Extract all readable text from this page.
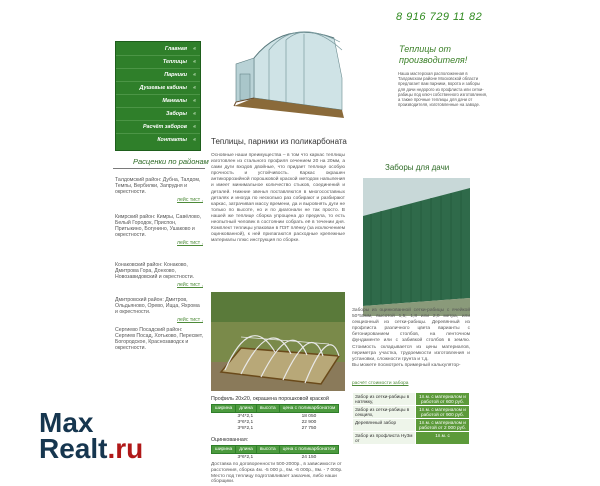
8 916 729 11 82
Теплицы от производителя!
Наша мастерская расположенная в Талдомском районе Московской области предлагает вам парники, ворота и заборы для дачи недорого из профлистa или сетки-рабицы под ключ собственного изготовления, а также прочные теплицы для дачи от производителя, изготовленные на заводе.
Главная «
Теплицы «
Парники «
Душевые кабины «
Мангалы «
Заборы «
Расчёт заборов «
Контакты «
Расценки по районам
Талдомский район: Дубна, Талдом, Темпы, Вербилки, Запрудня и окрестности.
лейс тист ,
Кимрский район: Кимры, Савёлово, Белый Городок, Приспон, Притыкино, Богунино, Ушаково и окрестности.
лейс тист ,
Конаковский район: Конаково, Дмитрова Гора, Донхово, Новозавидовский и окрестности.
лейс тист ,
Дмитровский район: Дмитров, Ольдьяново, Орево, Ицца, Яхрома и окрестности.
лейс тист ,
Сергиево Посадский район: Сергиев Посад, Хотьково, Пересвет, Богородское, Краснозаводск и окрестности.
Теплицы, парники из поликарбоната
Основные наши преимущества – в том что каркас теплицы изготовлен из стального профиля сечением 20 на 20мм, а сами дуги входов двойные, что придает теплице особую прочность и устойчивость. Каркас окрашен антикоррозийной порошковой краской методом напыления и имеет минимальное количество стыков, соединений и деталей. Нижние звенья поставляются в многосоставных деталях и иногда по несколько раз собирают и разбирают каркас, затрачивая массу времени, да и выровнять дуги не только по высоте, но и по диагонали не так просто. В нашей же теплице сборка упрощена до предела, то есть неопытный человек в состоянии собрать её в течении дня. Комплект теплицы упакован в ПЭТ плёнку (за исключением оцинкованной), к ней прилагаются расходные крепежные материалы плюс инструкция по сборке.
Профиль 20х20, окрашена порошковой краской
ширина	длина	высота	цена с поликарбонатом
3*4*2,1			18 050
3*6*2,1			22 900
3*8*2,1			27 750
Оцинкованная:
ширина	длина	высота	цена с поликарбонатом
3*6*2,1			24 150
Доставка по договоренности 500-2000р., в зависимости от расстояния, сборка 4м. -5 000 р., 6м. -6 000р., 8м. - 7 000р. Место под теплицу подготавливает заказчик, либо наши сборщики.
Заборы для дачи
Заборы из оцинкованной сетки-рабицы с ячейкой 50*50мм, высотой 1,5; 1,8 или 2,0 метра, или секционный из сетки-рабицы. Деревянный из профлиста различного цвета варианты с бетонированием столбов, на ленточном фундаменте или с забивкой столбов в землю. Стоимость складывается из цены материалов, периметра участка, трудоемкости изготовления и установки, сложности грунта и т.д.
Вы можете посмотреть примерный калькулятор-
расчёт стоимости забора
Забор из сетки-рабицы в натяжку,	1п.м. с материалом и работой от 600 руб.
Забор из сетки-рабицы в секциях,	1п.м. с материалом и работой от 900 руб.
Деревянный забор	1п.м. с материалом и работой от 2 000 руб.
Забор из профлиста Ну3м от	1п.м. с
Max
Realt.ru
